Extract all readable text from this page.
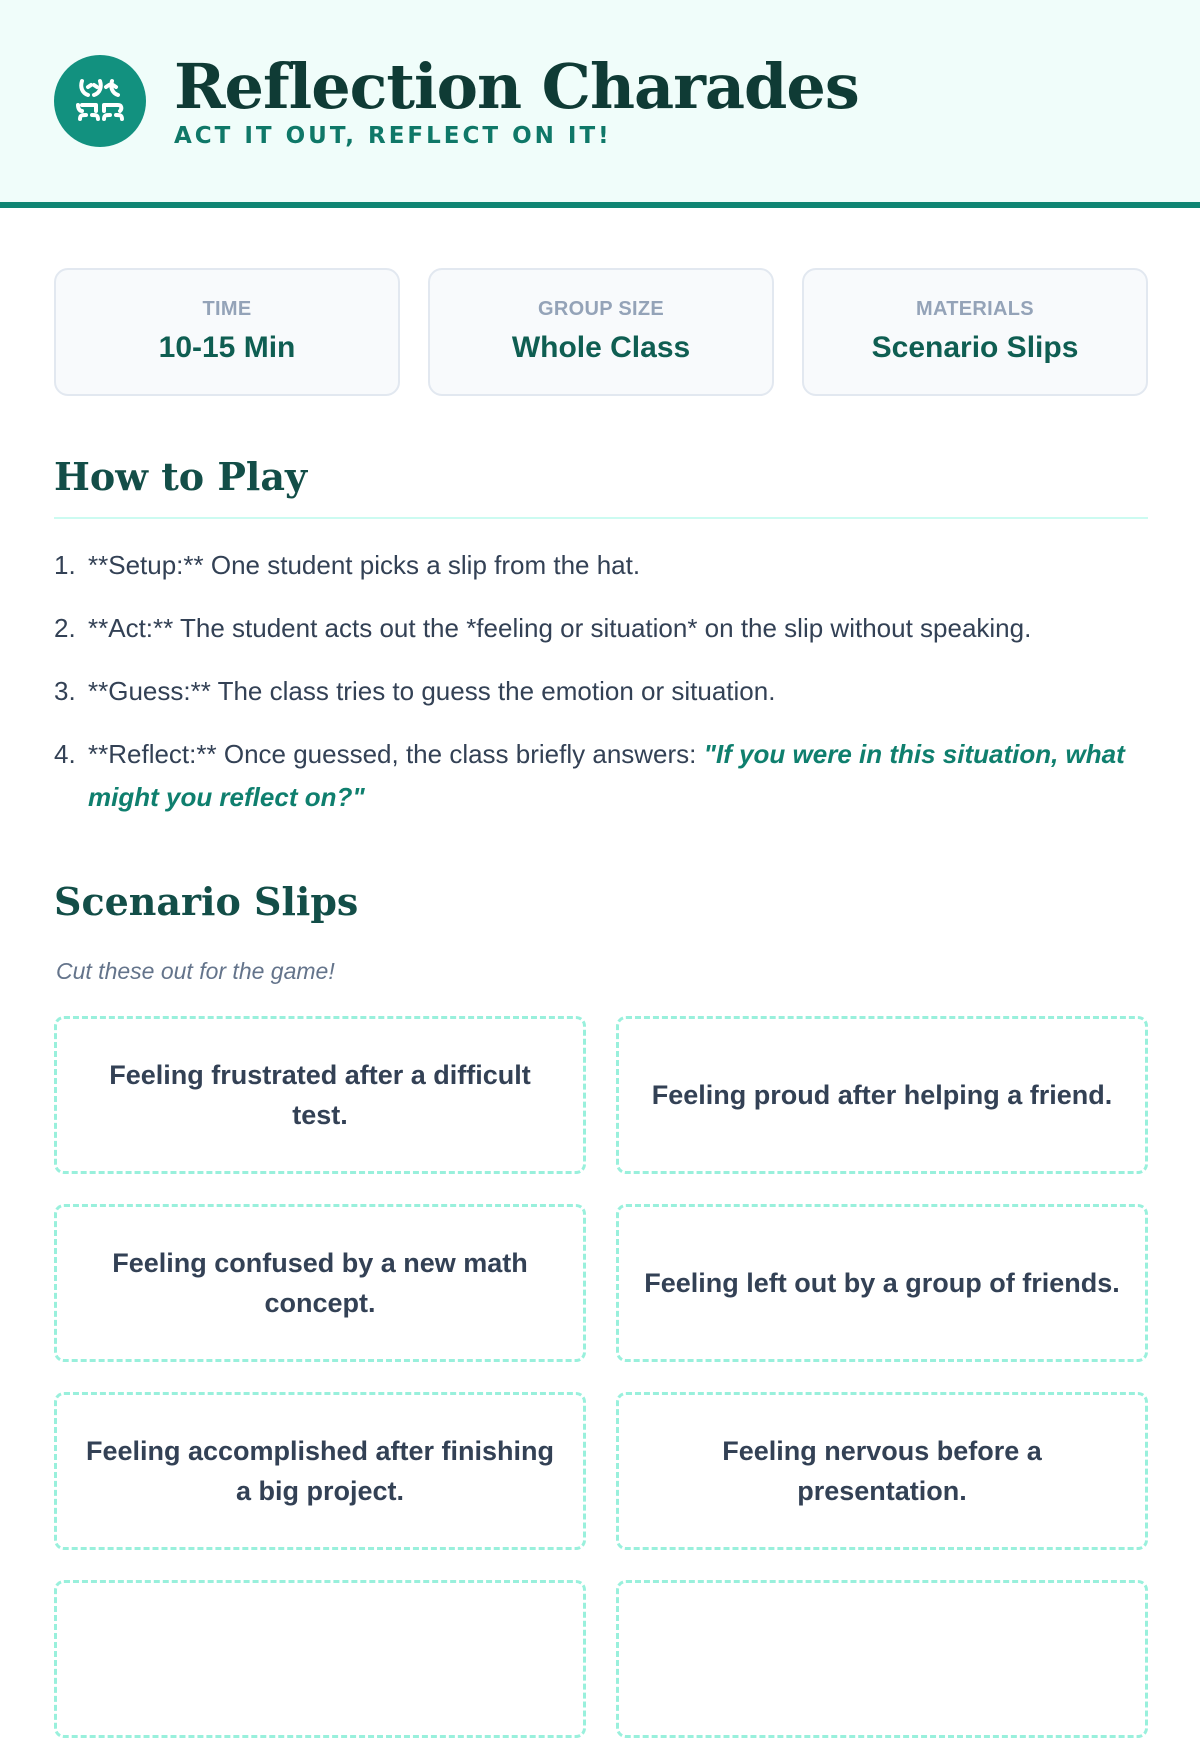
Reflection Charades
ACT IT OUT, REFLECT ON IT!
TIME
10-15 Min
GROUP SIZE
Whole Class
MATERIALS
Scenario Slips
How to Play
1. **Setup:** One student picks a slip from the hat.
2. **Act:** The student acts out the *feeling or situation* on the slip without speaking.
3. **Guess:** The class tries to guess the emotion or situation.
4. **Reflect:** Once guessed, the class briefly answers: "If you were in this situation, what might you reflect on?"
Scenario Slips
Cut these out for the game!
Feeling frustrated after a difficult test.
Feeling proud after helping a friend.
Feeling confused by a new math concept.
Feeling left out by a group of friends.
Feeling accomplished after finishing a big project.
Feeling nervous before a presentation.
